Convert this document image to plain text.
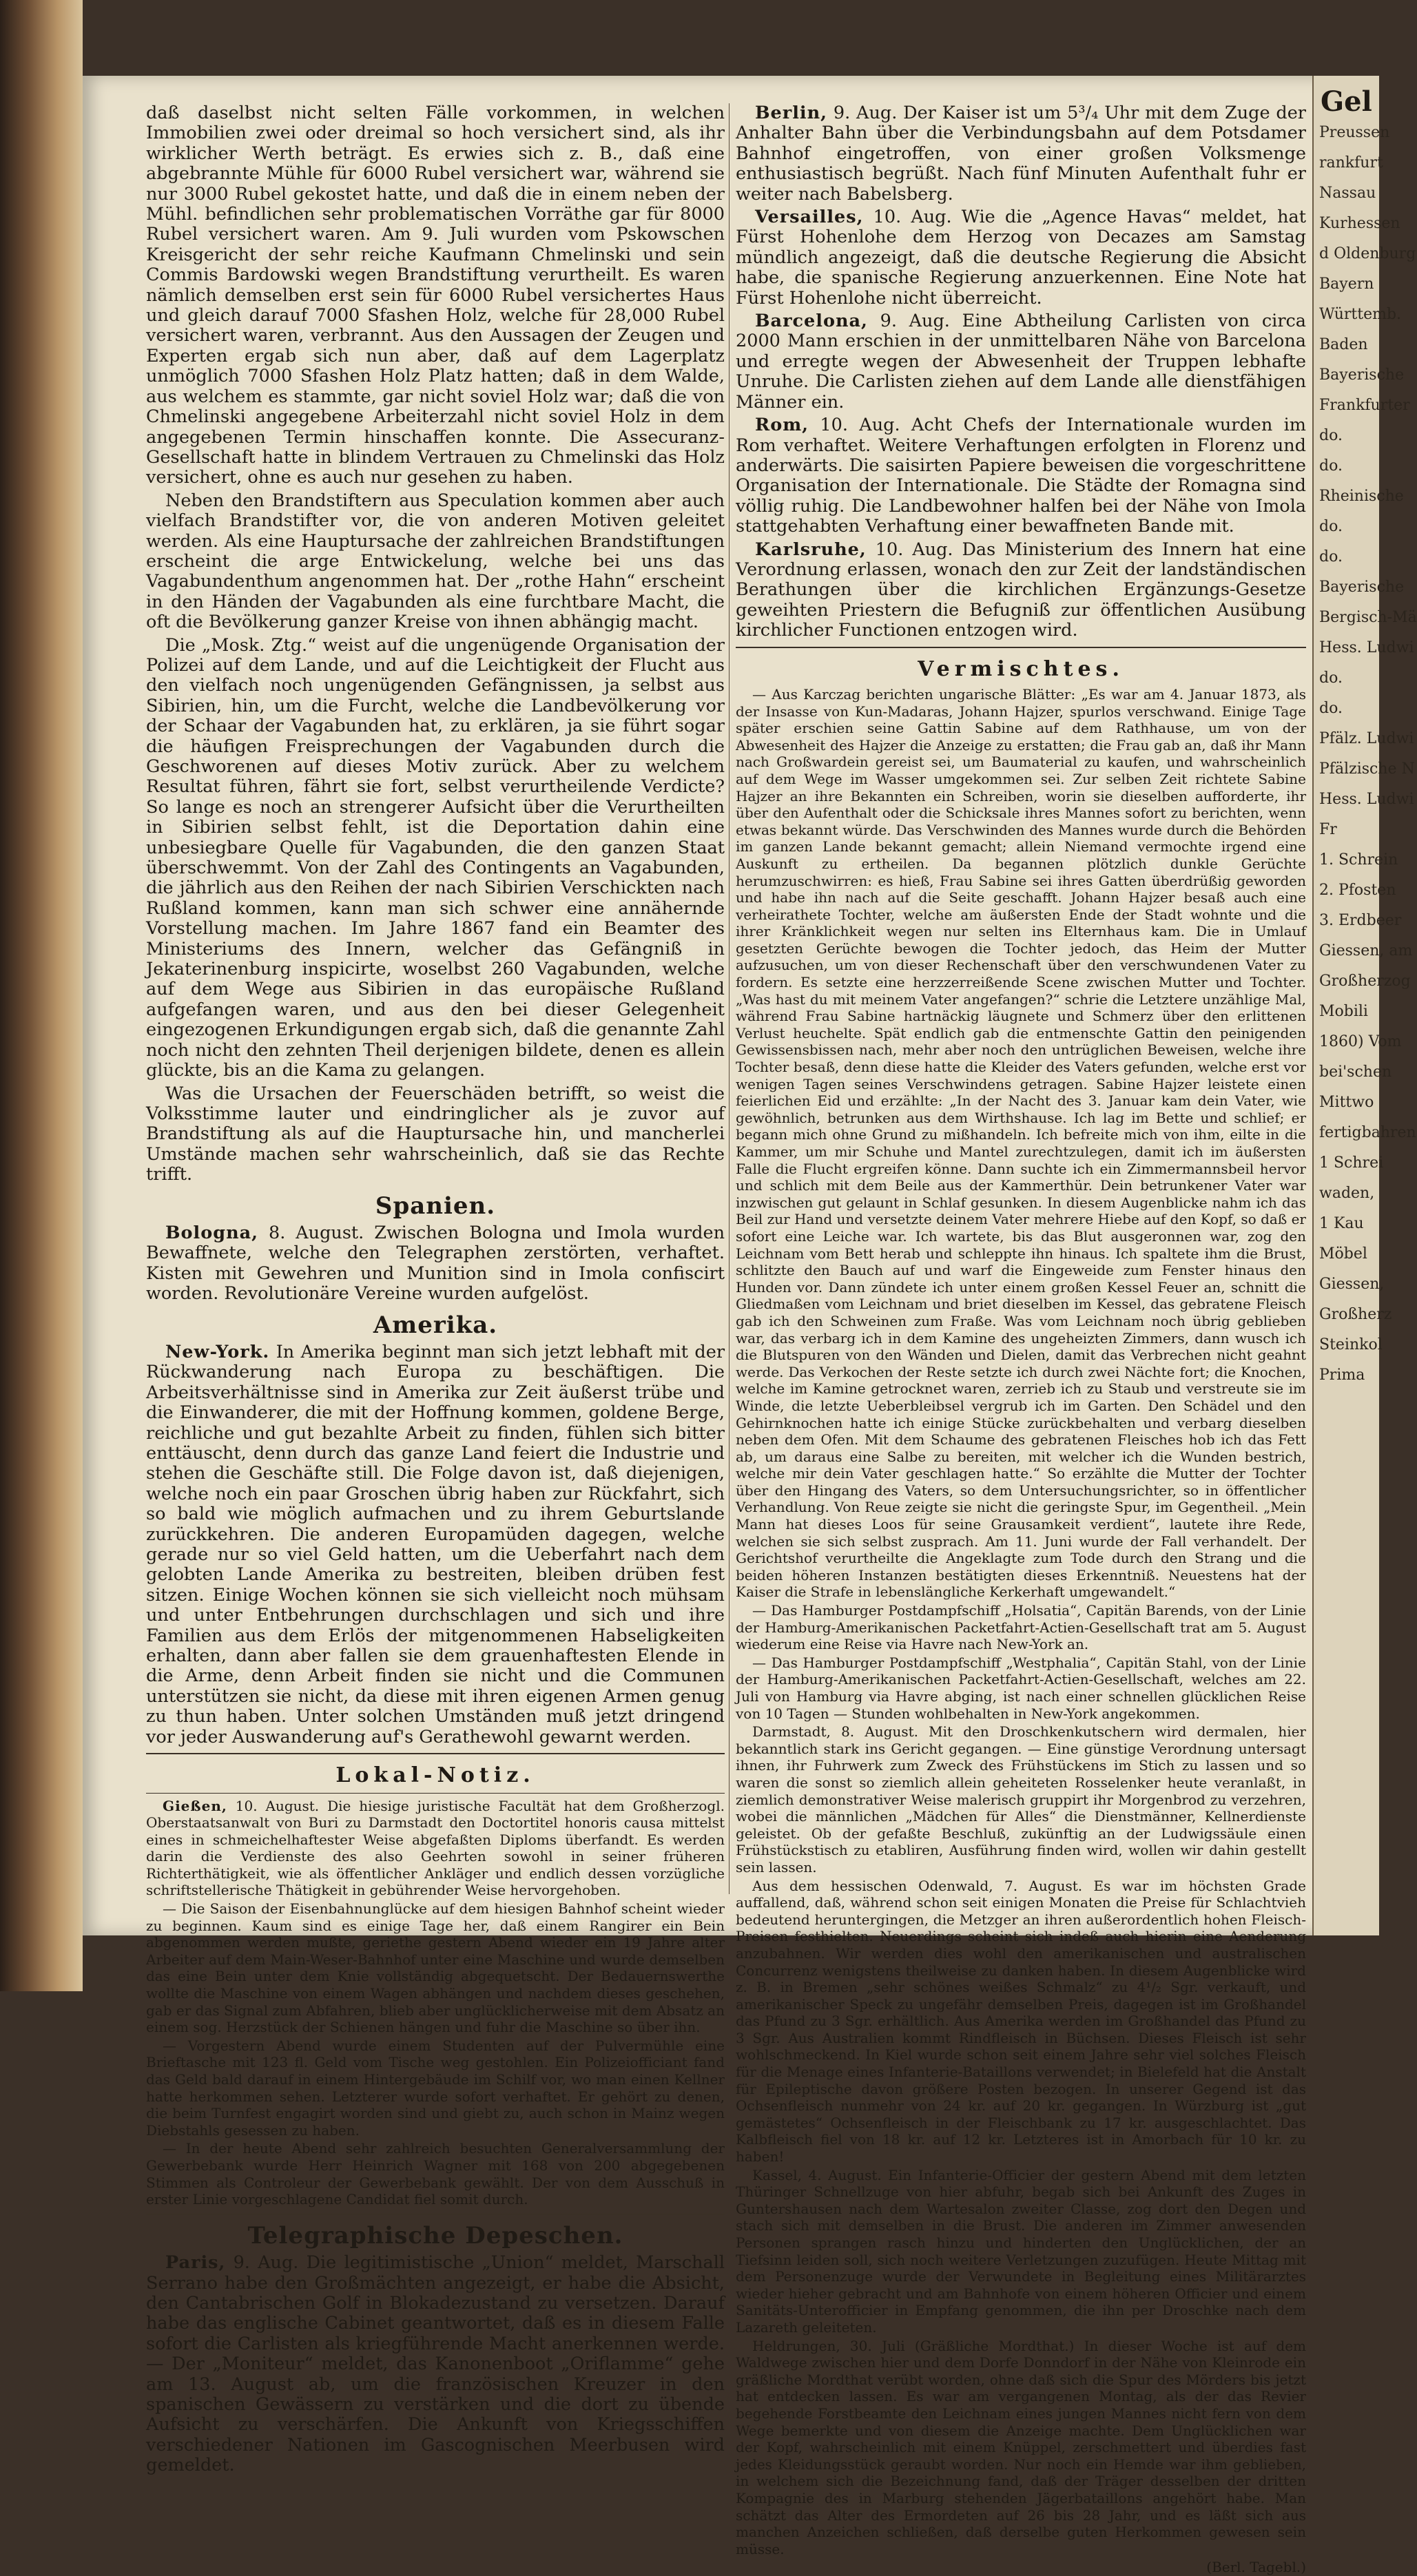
daß daselbst nicht selten Fälle vorkommen, in welchen Immobilien zwei oder dreimal so hoch versichert sind, als ihr wirklicher Werth beträgt. Es erwies sich z. B., daß eine abgebrannte Mühle für 6000 Rubel versichert war, während sie nur 3000 Rubel gekostet hatte, und daß die in einem neben der Mühl. befindlichen sehr problematischen Vorräthe gar für 8000 Rubel versichert waren. Am 9. Juli wurden vom Pskowschen Kreisgericht der sehr reiche Kaufmann Chmelinski und sein Commis Bardowski wegen Brandstiftung verurtheilt. Es waren nämlich demselben erst sein für 6000 Rubel versichertes Haus und gleich darauf 7000 Sfashen Holz, welche für 28,000 Rubel versichert waren, verbrannt. Aus den Aussagen der Zeugen und Experten ergab sich nun aber, daß auf dem Lagerplatz unmöglich 7000 Sfashen Holz Platz hatten; daß in dem Walde, aus welchem es stammte, gar nicht soviel Holz war; daß die von Chmelinski angegebene Arbeiterzahl nicht soviel Holz in dem angegebenen Termin hinschaffen konnte. Die Assecuranz-Gesellschaft hatte in blindem Vertrauen zu Chmelinski das Holz versichert, ohne es auch nur gesehen zu haben.

Neben den Brandstiftern aus Speculation kommen aber auch vielfach Brandstifter vor, die von anderen Motiven geleitet werden. Als eine Hauptursache der zahlreichen Brandstiftungen erscheint die arge Entwickelung, welche bei uns das Vagabundenthum angenommen hat. Der „rothe Hahn“ erscheint in den Händen der Vagabunden als eine furchtbare Macht, die oft die Bevölkerung ganzer Kreise von ihnen abhängig macht.

Die „Mosk. Ztg.“ weist auf die ungenügende Organisation der Polizei auf dem Lande, und auf die Leichtigkeit der Flucht aus den vielfach noch ungenügenden Gefängnissen, ja selbst aus Sibirien, hin, um die Furcht, welche die Landbevölkerung vor der Schaar der Vagabunden hat, zu erklären, ja sie führt sogar die häufigen Freisprechungen der Vagabunden durch die Geschworenen auf dieses Motiv zurück. Aber zu welchem Resultat führen, fährt sie fort, selbst verurtheilende Verdicte? So lange es noch an strengerer Aufsicht über die Verurtheilten in Sibirien selbst fehlt, ist die Deportation dahin eine unbesiegbare Quelle für Vagabunden, die den ganzen Staat überschwemmt. Von der Zahl des Contingents an Vagabunden, die jährlich aus den Reihen der nach Sibirien Verschickten nach Rußland kommen, kann man sich schwer eine annähernde Vorstellung machen. Im Jahre 1867 fand ein Beamter des Ministeriums des Innern, welcher das Gefängniß in Jekaterinenburg inspicirte, woselbst 260 Vagabunden, welche auf dem Wege aus Sibirien in das europäische Rußland aufgefangen waren, und aus den bei dieser Gelegenheit eingezogenen Erkundigungen ergab sich, daß die genannte Zahl noch nicht den zehnten Theil derjenigen bildete, denen es allein glückte, bis an die Kama zu gelangen.

Was die Ursachen der Feuerschäden betrifft, so weist die Volksstimme lauter und eindringlicher als je zuvor auf Brandstiftung als auf die Hauptursache hin, und mancherlei Umstände machen sehr wahrscheinlich, daß sie das Rechte trifft.

Spanien.

Bologna, 8. August. Zwischen Bologna und Imola wurden Bewaffnete, welche den Telegraphen zerstörten, verhaftet. Kisten mit Gewehren und Munition sind in Imola confiscirt worden. Revolutionäre Vereine wurden aufgelöst.

Amerika.

New-York. In Amerika beginnt man sich jetzt lebhaft mit der Rückwanderung nach Europa zu beschäftigen. Die Arbeitsverhältnisse sind in Amerika zur Zeit äußerst trübe und die Einwanderer, die mit der Hoffnung kommen, goldene Berge, reichliche und gut bezahlte Arbeit zu finden, fühlen sich bitter enttäuscht, denn durch das ganze Land feiert die Industrie und stehen die Geschäfte still. Die Folge davon ist, daß diejenigen, welche noch ein paar Groschen übrig haben zur Rückfahrt, sich so bald wie möglich aufmachen und zu ihrem Geburtslande zurückkehren. Die anderen Europamüden dagegen, welche gerade nur so viel Geld hatten, um die Ueberfahrt nach dem gelobten Lande Amerika zu bestreiten, bleiben drüben fest sitzen. Einige Wochen können sie sich vielleicht noch mühsam und unter Entbehrungen durchschlagen und sich und ihre Familien aus dem Erlös der mitgenommenen Habseligkeiten erhalten, dann aber fallen sie dem grauenhaftesten Elende in die Arme, denn Arbeit finden sie nicht und die Communen unterstützen sie nicht, da diese mit ihren eigenen Armen genug zu thun haben. Unter solchen Umständen muß jetzt dringend vor jeder Auswanderung auf's Gerathewohl gewarnt werden.

Lokal-Notiz.

Gießen, 10. August. Die hiesige juristische Facultät hat dem Großherzogl. Oberstaatsanwalt von Buri zu Darmstadt den Doctortitel honoris causa mittelst eines in schmeichelhaftester Weise abgefaßten Diploms überfandt. Es werden darin die Verdienste des also Geehrten sowohl in seiner früheren Richterthätigkeit, wie als öffentlicher Ankläger und endlich dessen vorzügliche schriftstellerische Thätigkeit in gebührender Weise hervorgehoben.

— Die Saison der Eisenbahnunglücke auf dem hiesigen Bahnhof scheint wieder zu beginnen. Kaum sind es einige Tage her, daß einem Rangirer ein Bein abgenommen werden mußte, geriethe gestern Abend wieder ein 19 Jahre alter Arbeiter auf dem Main-Weser-Bahnhof unter eine Maschine und wurde demselben das eine Bein unter dem Knie vollständig abgequetscht. Der Bedauernswerthe wollte die Maschine von einem Wagen abhängen und nachdem dieses geschehen, gab er das Signal zum Abfahren, blieb aber unglücklicherweise mit dem Absatz an einem sog. Herzstück der Schienen hängen und fuhr die Maschine so über ihn.

— Vorgestern Abend wurde einem Studenten auf der Pulvermühle eine Brieftasche mit 123 fl. Geld vom Tische weg gestohlen. Ein Polizeiofficiant fand das Geld bald darauf in einem Hintergebäude im Schilf vor, wo man einen Kellner hatte herkommen sehen. Letzterer wurde sofort verhaftet. Er gehört zu denen, die beim Turnfest engagirt worden sind und giebt zu, auch schon in Mainz wegen Diebstahls gesessen zu haben.

— In der heute Abend sehr zahlreich besuchten Generalversammlung der Gewerbebank wurde Herr Heinrich Wagner mit 168 von 200 abgegebenen Stimmen als Controleur der Gewerbebank gewählt. Der von dem Ausschuß in erster Linie vorgeschlagene Candidat fiel somit durch.

Telegraphische Depeschen.

Paris, 9. Aug. Die legitimistische „Union“ meldet, Marschall Serrano habe den Großmächten angezeigt, er habe die Absicht, den Cantabrischen Golf in Blokadezustand zu versetzen. Darauf habe das englische Cabinet geantwortet, daß es in diesem Falle sofort die Carlisten als kriegführende Macht anerkennen werde. — Der „Moniteur“ meldet, das Kanonenboot „Oriflamme“ gehe am 13. August ab, um die französischen Kreuzer in den spanischen Gewässern zu verstärken und die dort zu übende Aufsicht zu verschärfen. Die Ankunft von Kriegsschiffen verschiedener Nationen im Gascognischen Meerbusen wird gemeldet.

Berlin, 9. Aug. Der Kaiser ist um 5³/₄ Uhr mit dem Zuge der Anhalter Bahn über die Verbindungsbahn auf dem Potsdamer Bahnhof eingetroffen, von einer großen Volksmenge enthusiastisch begrüßt. Nach fünf Minuten Aufenthalt fuhr er weiter nach Babelsberg.

Versailles, 10. Aug. Wie die „Agence Havas“ meldet, hat Fürst Hohenlohe dem Herzog von Decazes am Samstag mündlich angezeigt, daß die deutsche Regierung die Absicht habe, die spanische Regierung anzuerkennen. Eine Note hat Fürst Hohenlohe nicht überreicht.

Barcelona, 9. Aug. Eine Abtheilung Carlisten von circa 2000 Mann erschien in der unmittelbaren Nähe von Barcelona und erregte wegen der Abwesenheit der Truppen lebhafte Unruhe. Die Carlisten ziehen auf dem Lande alle dienstfähigen Männer ein.

Rom, 10. Aug. Acht Chefs der Internationale wurden im Rom verhaftet. Weitere Verhaftungen erfolgten in Florenz und anderwärts. Die saisirten Papiere beweisen die vorgeschrittene Organisation der Internationale. Die Städte der Romagna sind völlig ruhig. Die Landbewohner halfen bei der Nähe von Imola stattgehabten Verhaftung einer bewaffneten Bande mit.

Karlsruhe, 10. Aug. Das Ministerium des Innern hat eine Verordnung erlassen, wonach den zur Zeit der landständischen Berathungen über die kirchlichen Ergänzungs-Gesetze geweihten Priestern die Befugniß zur öffentlichen Ausübung kirchlicher Functionen entzogen wird.

Vermischtes.

— Aus Karczag berichten ungarische Blätter: „Es war am 4. Januar 1873, als der Insasse von Kun-Madaras, Johann Hajzer, spurlos verschwand. Einige Tage später erschien seine Gattin Sabine auf dem Rathhause, um von der Abwesenheit des Hajzer die Anzeige zu erstatten; die Frau gab an, daß ihr Mann nach Großwardein gereist sei, um Baumaterial zu kaufen, und wahrscheinlich auf dem Wege im Wasser umgekommen sei. Zur selben Zeit richtete Sabine Hajzer an ihre Bekannten ein Schreiben, worin sie dieselben aufforderte, ihr über den Aufenthalt oder die Schicksale ihres Mannes sofort zu berichten, wenn etwas bekannt würde. Das Verschwinden des Mannes wurde durch die Behörden im ganzen Lande bekannt gemacht; allein Niemand vermochte irgend eine Auskunft zu ertheilen. Da begannen plötzlich dunkle Gerüchte herumzuschwirren: es hieß, Frau Sabine sei ihres Gatten überdrüßig geworden und habe ihn nach auf die Seite geschafft. Johann Hajzer besaß auch eine verheirathete Tochter, welche am äußersten Ende der Stadt wohnte und die ihrer Kränklichkeit wegen nur selten ins Elternhaus kam. Die in Umlauf gesetzten Gerüchte bewogen die Tochter jedoch, das Heim der Mutter aufzusuchen, um von dieser Rechenschaft über den verschwundenen Vater zu fordern. Es setzte eine herzzerreißende Scene zwischen Mutter und Tochter. „Was hast du mit meinem Vater angefangen?“ schrie die Letztere unzählige Mal, während Frau Sabine hartnäckig läugnete und Schmerz über den erlittenen Verlust heuchelte. Spät endlich gab die entmenschte Gattin den peinigenden Gewissensbissen nach, mehr aber noch den untrüglichen Beweisen, welche ihre Tochter besaß, denn diese hatte die Kleider des Vaters gefunden, welche erst vor wenigen Tagen seines Verschwindens getragen. Sabine Hajzer leistete einen feierlichen Eid und erzählte: „In der Nacht des 3. Januar kam dein Vater, wie gewöhnlich, betrunken aus dem Wirthshause. Ich lag im Bette und schlief; er begann mich ohne Grund zu mißhandeln. Ich befreite mich von ihm, eilte in die Kammer, um mir Schuhe und Mantel zurechtzulegen, damit ich im äußersten Falle die Flucht ergreifen könne. Dann suchte ich ein Zimmermannsbeil hervor und schlich mit dem Beile aus der Kammerthür. Dein betrunkener Vater war inzwischen gut gelaunt in Schlaf gesunken. In diesem Augenblicke nahm ich das Beil zur Hand und versetzte deinem Vater mehrere Hiebe auf den Kopf, so daß er sofort eine Leiche war. Ich wartete, bis das Blut ausgeronnen war, zog den Leichnam vom Bett herab und schleppte ihn hinaus. Ich spaltete ihm die Brust, schlitzte den Bauch auf und warf die Eingeweide zum Fenster hinaus den Hunden vor. Dann zündete ich unter einem großen Kessel Feuer an, schnitt die Gliedmaßen vom Leichnam und briet dieselben im Kessel, das gebratene Fleisch gab ich den Schweinen zum Fraße. Was vom Leichnam noch übrig geblieben war, das verbarg ich in dem Kamine des ungeheizten Zimmers, dann wusch ich die Blutspuren von den Wänden und Dielen, damit das Verbrechen nicht geahnt werde. Das Verkochen der Reste setzte ich durch zwei Nächte fort; die Knochen, welche im Kamine getrocknet waren, zerrieb ich zu Staub und verstreute sie im Winde, die letzte Ueberbleibsel vergrub ich im Garten. Den Schädel und den Gehirnknochen hatte ich einige Stücke zurückbehalten und verbarg dieselben neben dem Ofen. Mit dem Schaume des gebratenen Fleisches hob ich das Fett ab, um daraus eine Salbe zu bereiten, mit welcher ich die Wunden bestrich, welche mir dein Vater geschlagen hatte.“ So erzählte die Mutter der Tochter über den Hingang des Vaters, so dem Untersuchungsrichter, so in öffentlicher Verhandlung. Von Reue zeigte sie nicht die geringste Spur, im Gegentheil. „Mein Mann hat dieses Loos für seine Grausamkeit verdient“, lautete ihre Rede, welchen sie sich selbst zusprach. Am 11. Juni wurde der Fall verhandelt. Der Gerichtshof verurtheilte die Angeklagte zum Tode durch den Strang und die beiden höheren Instanzen bestätigten dieses Erkenntniß. Neuestens hat der Kaiser die Strafe in lebenslängliche Kerkerhaft umgewandelt.“

— Das Hamburger Postdampfschiff „Holsatia“, Capitän Barends, von der Linie der Hamburg-Amerikanischen Packetfahrt-Actien-Gesellschaft trat am 5. August wiederum eine Reise via Havre nach New-York an.

— Das Hamburger Postdampfschiff „Westphalia“, Capitän Stahl, von der Linie der Hamburg-Amerikanischen Packetfahrt-Actien-Gesellschaft, welches am 22. Juli von Hamburg via Havre abging, ist nach einer schnellen glücklichen Reise von 10 Tagen — Stunden wohlbehalten in New-York angekommen.

Darmstadt, 8. August. Mit den Droschkenkutschern wird dermalen, hier bekanntlich stark ins Gericht gegangen. — Eine günstige Verordnung untersagt ihnen, ihr Fuhrwerk zum Zweck des Frühstückens im Stich zu lassen und so waren die sonst so ziemlich allein geheiteten Rosselenker heute veranlaßt, in ziemlich demonstrativer Weise malerisch gruppirt ihr Morgenbrod zu verzehren, wobei die männlichen „Mädchen für Alles“ die Dienstmänner, Kellnerdienste geleistet. Ob der gefaßte Beschluß, zukünftig an der Ludwigssäule einen Frühstückstisch zu etabliren, Ausführung finden wird, wollen wir dahin gestellt sein lassen.

Aus dem hessischen Odenwald, 7. August. Es war im höchsten Grade auffallend, daß, während schon seit einigen Monaten die Preise für Schlachtvieh bedeutend heruntergingen, die Metzger an ihren außerordentlich hohen Fleisch-Preisen festhielten. Neuerdings scheint sich indeß auch hierin eine Aenderung anzubahnen. Wir werden dies wohl den amerikanischen und australischen Concurrenz wenigstens theilweise zu danken haben. In diesem Augenblicke wird z. B. in Bremen „sehr schönes weißes Schmalz“ zu 4¹/₂ Sgr. verkauft, und amerikanischer Speck zu ungefähr demselben Preis, dagegen ist im Großhandel das Pfund zu 3 Sgr. erhältlich. Aus Amerika werden im Großhandel das Pfund zu 3 Sgr. Aus Australien kommt Rindfleisch in Büchsen. Dieses Fleisch ist sehr wohlschmeckend. In Kiel wurde schon seit einem Jahre sehr viel solches Fleisch für die Menage eines Infanterie-Bataillons verwendet; in Bielefeld hat die Anstalt für Epileptische davon größere Posten bezogen. In unserer Gegend ist das Ochsenfleisch nunmehr von 24 kr. auf 20 kr. gegangen. In Würzburg ist „gut gemästetes“ Ochsenfleisch in der Fleischbank zu 17 kr. ausgeschlachtet. Das Kalbfleisch fiel von 18 kr. auf 12 kr. Letzteres ist in Amorbach für 10 kr. zu haben!

Kassel, 4. August. Ein Infanterie-Officier der gestern Abend mit dem letzten Thüringer Schnellzuge von hier abfuhr, begab sich bei Ankunft des Zuges in Guntershausen nach dem Wartesalon zweiter Classe, zog dort den Degen und stach sich mit demselben in die Brust. Die anderen im Zimmer anwesenden Personen sprangen rasch hinzu und hinderten den Unglücklichen, der an Tiefsinn leiden soll, sich noch weitere Verletzungen zuzufügen. Heute Mittag mit dem Personenzuge wurde der Verwundete in Begleitung eines Militärarztes wieder hieher gebracht und am Bahnhofe von einem höheren Officier und einem Sanitäts-Unterofficier in Empfang genommen, die ihn per Droschke nach dem Lazareth geleiteten.

Heldrungen, 30. Juli (Gräßliche Mordthat.) In dieser Woche ist auf dem Waldwege zwischen hier und dem Dorfe Donndorf in der Nähe von Kleinrode ein gräßliche Mordthat verübt worden, ohne daß sich die Spur des Mörders bis jetzt hat entdecken lassen. Es war am vergangenen Montag, als der das Revier begehende Forstbeamte den Leichnam eines jungen Mannes nicht fern von dem Wege bemerkte und von diesem die Anzeige machte. Dem Unglücklichen war der Kopf, wahrscheinlich mit einem Knüppel, zerschmettert und überdies fast jedes Kleidungsstück geraubt worden. Nur noch ein Hemde war ihm geblieben, in welchem sich die Bezeichnung fand, daß der Träger desselben der dritten Kompagnie des in Marburg stehenden Jägerbataillons angehört habe. Man schätzt das Alter des Ermordeten auf 26 bis 28 Jahr, und es läßt sich aus manchen Anzeichen schließen, daß derselbe guten Herkommen gewesen sein müsse.

(Berl. Tagebl.)
Gel
Preussen
rankfurt
Nassau
Kurhessen
d Oldenburg
Bayern
Württemb.
Baden
Bayerische
Frankfurter
do.
do.
Rheinische
do.
do.
Bayerische
Bergisch-Mä
Hess. Ludwi
do.
do.
Pfälz. Ludwi
Pfälzische N
Hess. Ludwi
Fr
1. Schrein
2. Pfosten
3. Erdbeer
Giessen, am
Großherzog
Mobili
1860) Vom
bei'schen
Mittwo
fertigbahren
1 Schrei
waden,
1 Kau
Möbel
Giessen,
Großherz
Steinkol
Prima
